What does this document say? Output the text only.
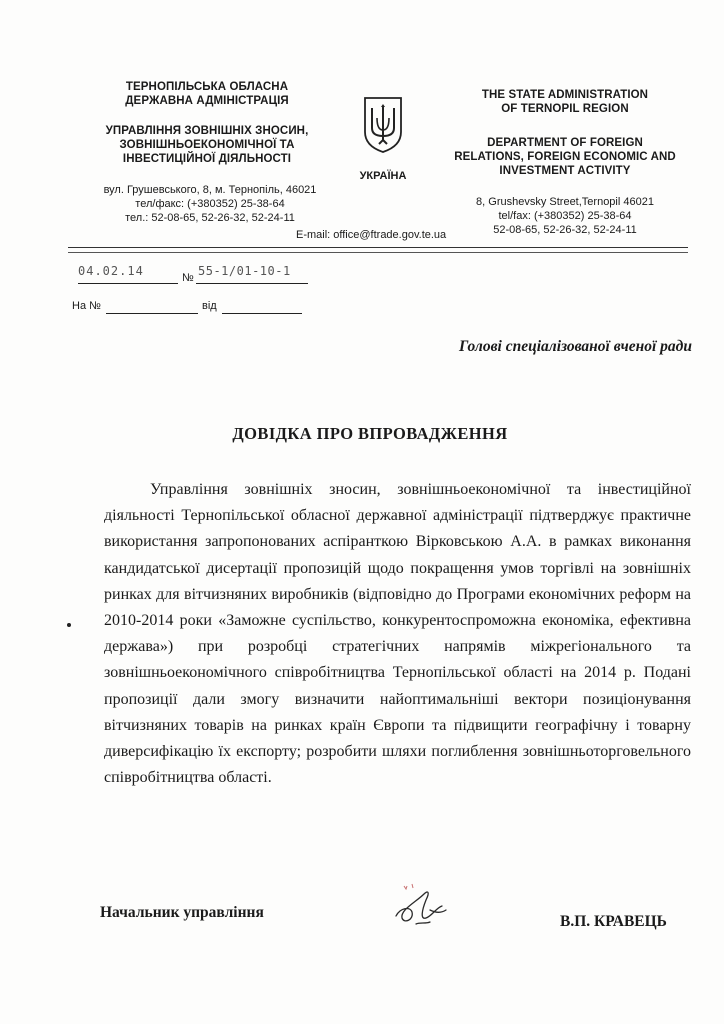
ТЕРНОПІЛЬСЬКА ОБЛАСНА
ДЕРЖАВНА АДМІНІСТРАЦІЯ
УПРАВЛІННЯ ЗОВНІШНІХ ЗНОСИН,
ЗОВНІШНЬОЕКОНОМІЧНОЇ ТА
ІНВЕСТИЦІЙНОЇ ДІЯЛЬНОСТІ
вул. Грушевського, 8, м. Тернопіль, 46021
тел/факс: (+380352) 25-38-64
тел.: 52-08-65, 52-26-32, 52-24-11
УКРАЇНА
THE STATE ADMINISTRATION
OF TERNOPIL REGION
DEPARTMENT OF FOREIGN
RELATIONS, FOREIGN ECONOMIC AND
INVESTMENT ACTIVITY
8, Grushevsky Street,Ternopil 46021
tel/fax: (+380352) 25-38-64
52-08-65, 52-26-32, 52-24-11
E-mail: office@ftrade.gov.te.ua
04.02.14	№ 55-1/01-10-1
На №	від
Голові спеціалізованої вченої ради
ДОВІДКА ПРО ВПРОВАДЖЕННЯ

Управління зовнішніх зносин, зовнішньоекономічної та інвестиційної діяльності Тернопільської обласної державної адміністрації підтверджує практичне використання запропонованих аспіранткою Вірковською А.А. в рамках виконання кандидатської дисертації пропозицій щодо покращення умов торгівлі на зовнішніх ринках для вітчизняних виробників (відповідно до Програми економічних реформ на 2010-2014 роки «Заможне суспільство, конкурентоспроможна економіка, ефективна держава») при розробці стратегічних напрямів міжрегіонального та зовнішньоекономічного співробітництва Тернопільської області на 2014 р. Подані пропозиції дали змогу визначити найоптимальніші вектори позиціонування вітчизняних товарів на ринках країн Європи та підвищити географічну і товарну диверсифікацію їх експорту; розробити шляхи поглиблення зовнішньоторговельного співробітництва області.

Начальник управління
В.П. КРАВЕЦЬ
